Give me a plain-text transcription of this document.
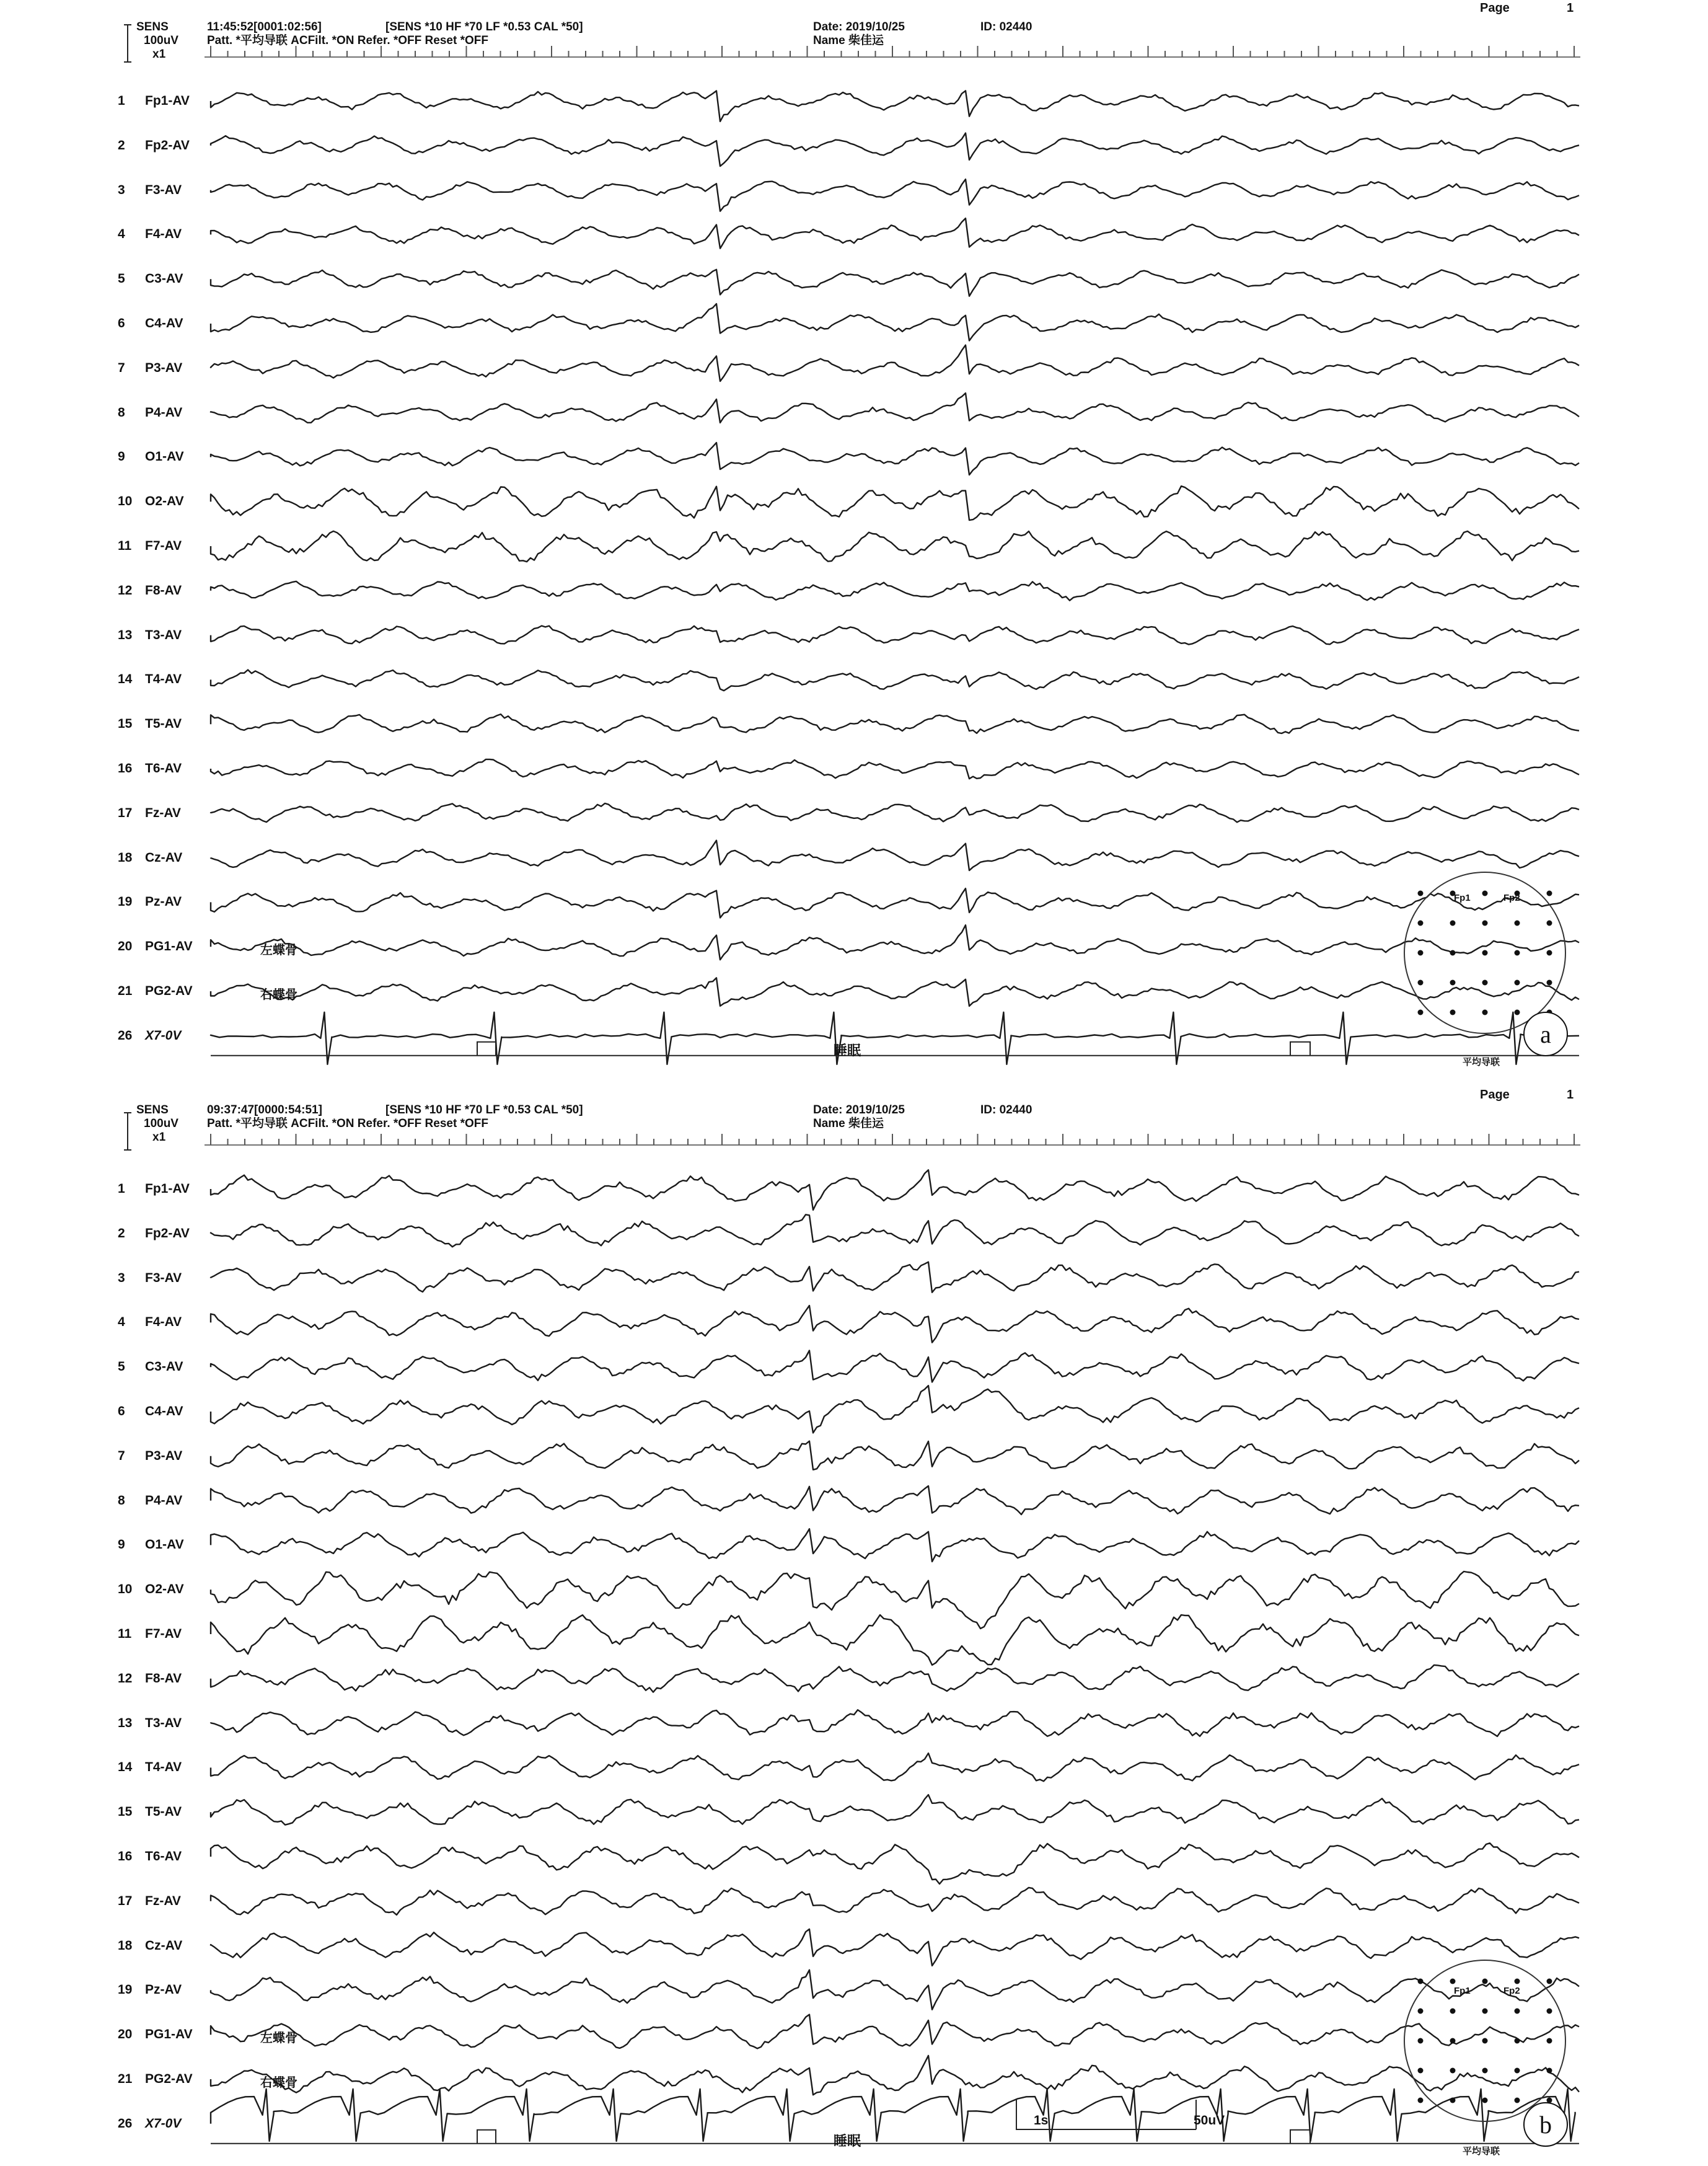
Page	1
SENS
100uV
x1
11:45:52[0001:02:56]	[SENS *10 HF *70 LF *0.53 CAL *50]
Patt. *平均导联 ACFilt. *ON Refer. *OFF Reset *OFF
Date: 2019/10/25	ID: 02440
Name 柴佳运
1 Fp1-AV
2 Fp2-AV
3 F3-AV
4 F4-AV
5 C3-AV
6 C4-AV
7 P3-AV
8 P4-AV
9 O1-AV
10 O2-AV
11 F7-AV
12 F8-AV
13 T3-AV
14 T4-AV
15 T5-AV
16 T6-AV
17 Fz-AV
18 Cz-AV
19 Pz-AV
20 PG1-AV	左蝶骨
21 PG2-AV	右蝶骨
26 X7-0V
睡眠
平均导联
Fp1	Fp2
a
Page	1
SENS
100uV
x1
09:37:47[0000:54:51]	[SENS *10 HF *70 LF *0.53 CAL *50]
Patt. *平均导联 ACFilt. *ON Refer. *OFF Reset *OFF
Date: 2019/10/25	ID: 02440
Name 柴佳运
1 Fp1-AV
2 Fp2-AV
3 F3-AV
4 F4-AV
5 C3-AV
6 C4-AV
7 P3-AV
8 P4-AV
9 O1-AV
10 O2-AV
11 F7-AV
12 F8-AV
13 T3-AV
14 T4-AV
15 T5-AV
16 T6-AV
17 Fz-AV
18 Cz-AV
19 Pz-AV
20 PG1-AV	左蝶骨
21 PG2-AV	右蝶骨
26 X7-0V
睡眠
1s	50uV
平均导联
Fp1	Fp2
b
